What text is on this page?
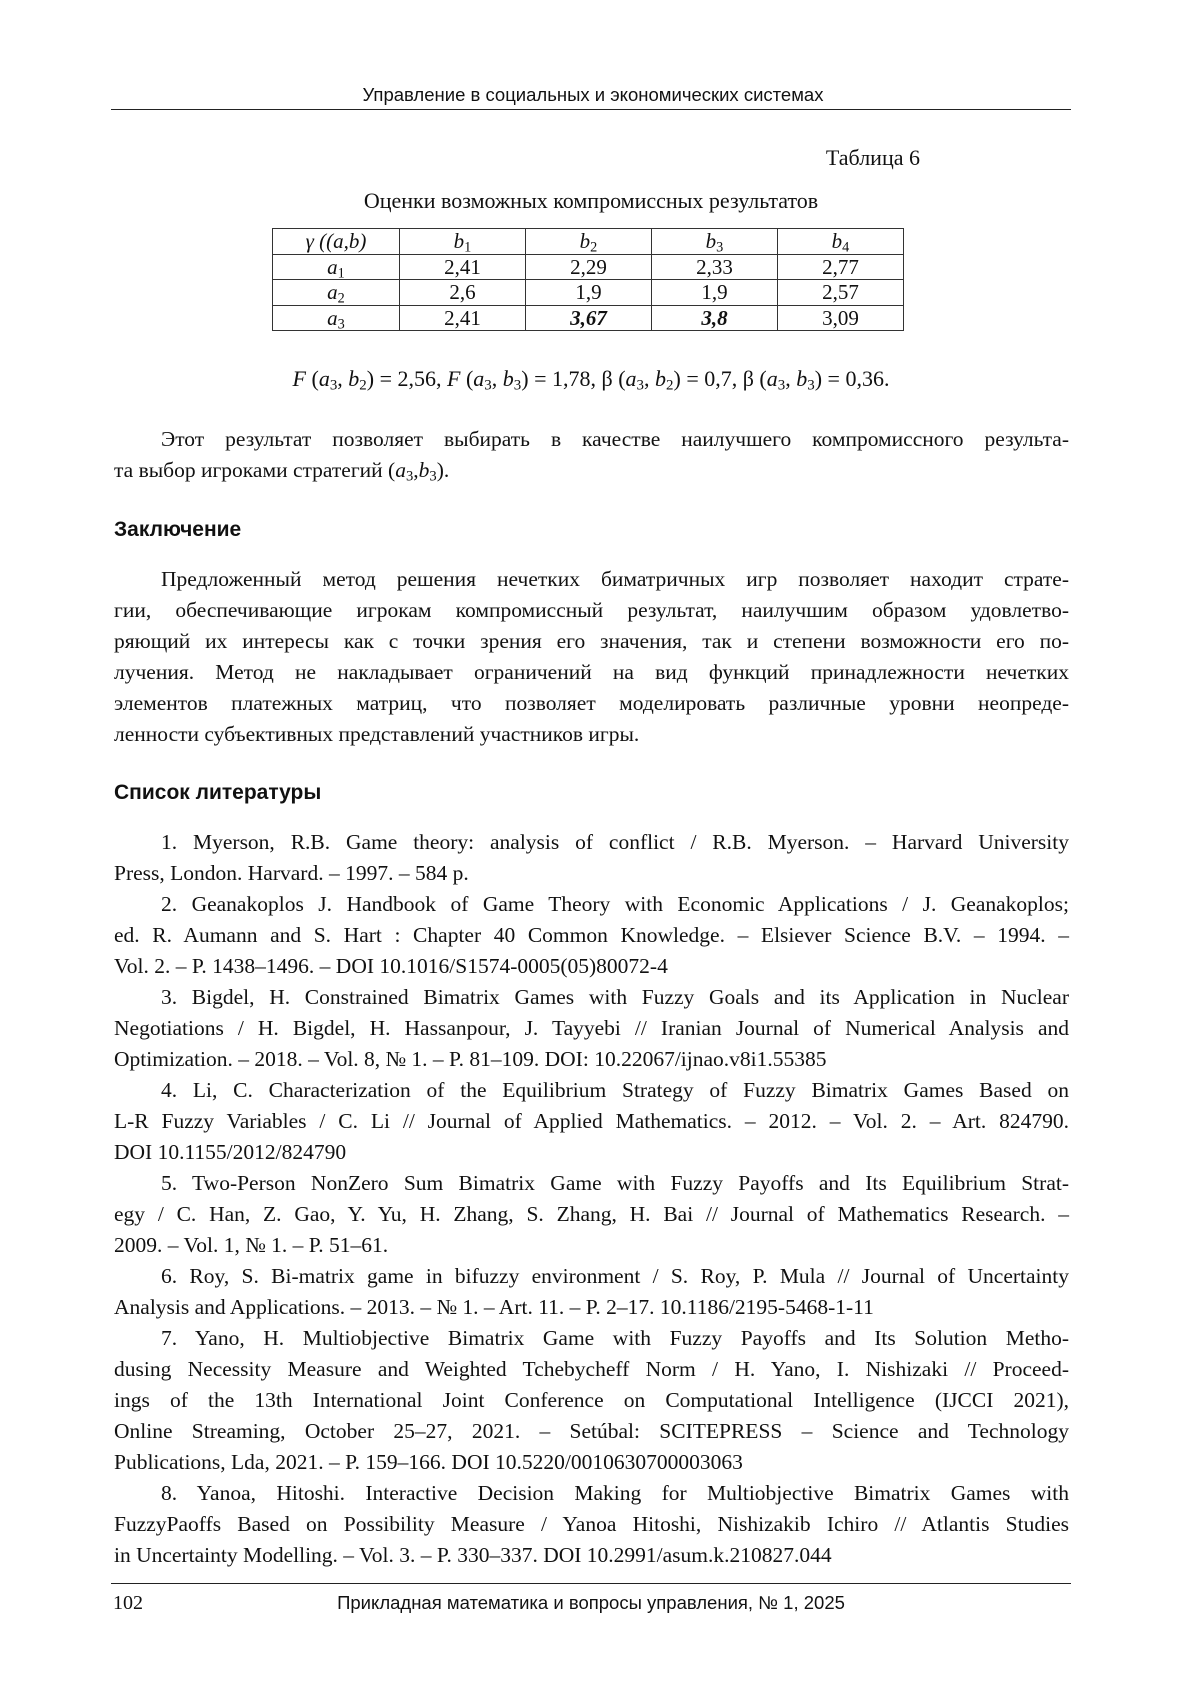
Управление в социальных и экономических системах
Таблица 6
Оценки возможных компромиссных результатов
γ ((a,b)	$b_1$	$b_2$	$b_3$	$b_4$
$a_1$	2,41	2,29	2,33	2,77
$a_2$	2,6	1,9	1,9	2,57
$a_3$	2,41	3,67	3,8	3,09
F ($a_3$, $b_2) = 2,56$, F ($a_3$, $b_3) = 1,78$, β ($a_3$, $b_2) = 0,7$, β ($a_3$, $b_3) = 0,36$.
Этот результат позволяет выбирать в качестве наилучшего компромиссного результа-
та выбор игроками стратегий $(a_3,b_3)$.
Заключение
Предложенный метод решения нечетких биматричных игр позволяет находит страте-
гии, обеспечивающие игрокам компромиссный результат, наилучшим образом удовлетво-
ряющий их интересы как с точки зрения его значения, так и степени возможности его по-
лучения. Метод не накладывает ограничений на вид функций принадлежности нечетких
элементов платежных матриц, что позволяет моделировать различные уровни неопреде-
ленности субъективных представлений участников игры.
Список литературы
1. Myerson, R.B. Game theory: analysis of conflict / R.B. Myerson. – Harvard University
Press, London. Harvard. – 1997. – 584 p.
2. Geanakoplos J. Handbook of Game Theory with Economic Applications / J. Geanakoplos;
ed. R. Aumann and S. Hart : Chapter 40 Common Knowledge. – Elsiever Science B.V. – 1994. –
Vol. 2. – P. 1438–1496. – DOI 10.1016/S1574-0005(05)80072-4
3. Bigdel, H. Constrained Bimatrix Games with Fuzzy Goals and its Application in Nuclear
Negotiations / H. Bigdel, H. Hassanpour, J. Tayyebi // Iranian Journal of Numerical Analysis and
Optimization. – 2018. – Vol. 8, № 1. – P. 81–109. DOI: 10.22067/ijnao.v8i1.55385
4. Li, C. Characterization of the Equilibrium Strategy of Fuzzy Bimatrix Games Based on
L-R Fuzzy Variables / C. Li // Journal of Applied Mathematics. – 2012. – Vol. 2. – Art. 824790.
DOI 10.1155/2012/824790
5. Two-Person NonZero Sum Bimatrix Game with Fuzzy Payoffs and Its Equilibrium Strat-
egy / C. Han, Z. Gao, Y. Yu, H. Zhang, S. Zhang, H. Bai // Journal of Mathematics Research. –
2009. – Vol. 1, № 1. – P. 51–61.
6. Roy, S. Bi-matrix game in bifuzzy environment / S. Roy, P. Mula // Journal of Uncertainty
Analysis and Applications. – 2013. – № 1. – Art. 11. – P. 2–17. 10.1186/2195-5468-1-11
7. Yano, H. Multiobjective Bimatrix Game with Fuzzy Payoffs and Its Solution Metho-
dusing Necessity Measure and Weighted Tchebycheff Norm / H. Yano, I. Nishizaki // Proceed-
ings of the 13th International Joint Conference on Computational Intelligence (IJCCI 2021),
Online Streaming, October 25–27, 2021. – Setúbal: SCITEPRESS – Science and Technology
Publications, Lda, 2021. – P. 159–166. DOI 10.5220/0010630700003063
8. Yanoa, Hitoshi. Interactive Decision Making for Multiobjective Bimatrix Games with
FuzzyPaoffs Based on Possibility Measure / Yanoa Hitoshi, Nishizakib Ichiro // Atlantis Studies
in Uncertainty Modelling. – Vol. 3. – P. 330–337. DOI 10.2991/asum.k.210827.044
102	Прикладная математика и вопросы управления, № 1, 2025
